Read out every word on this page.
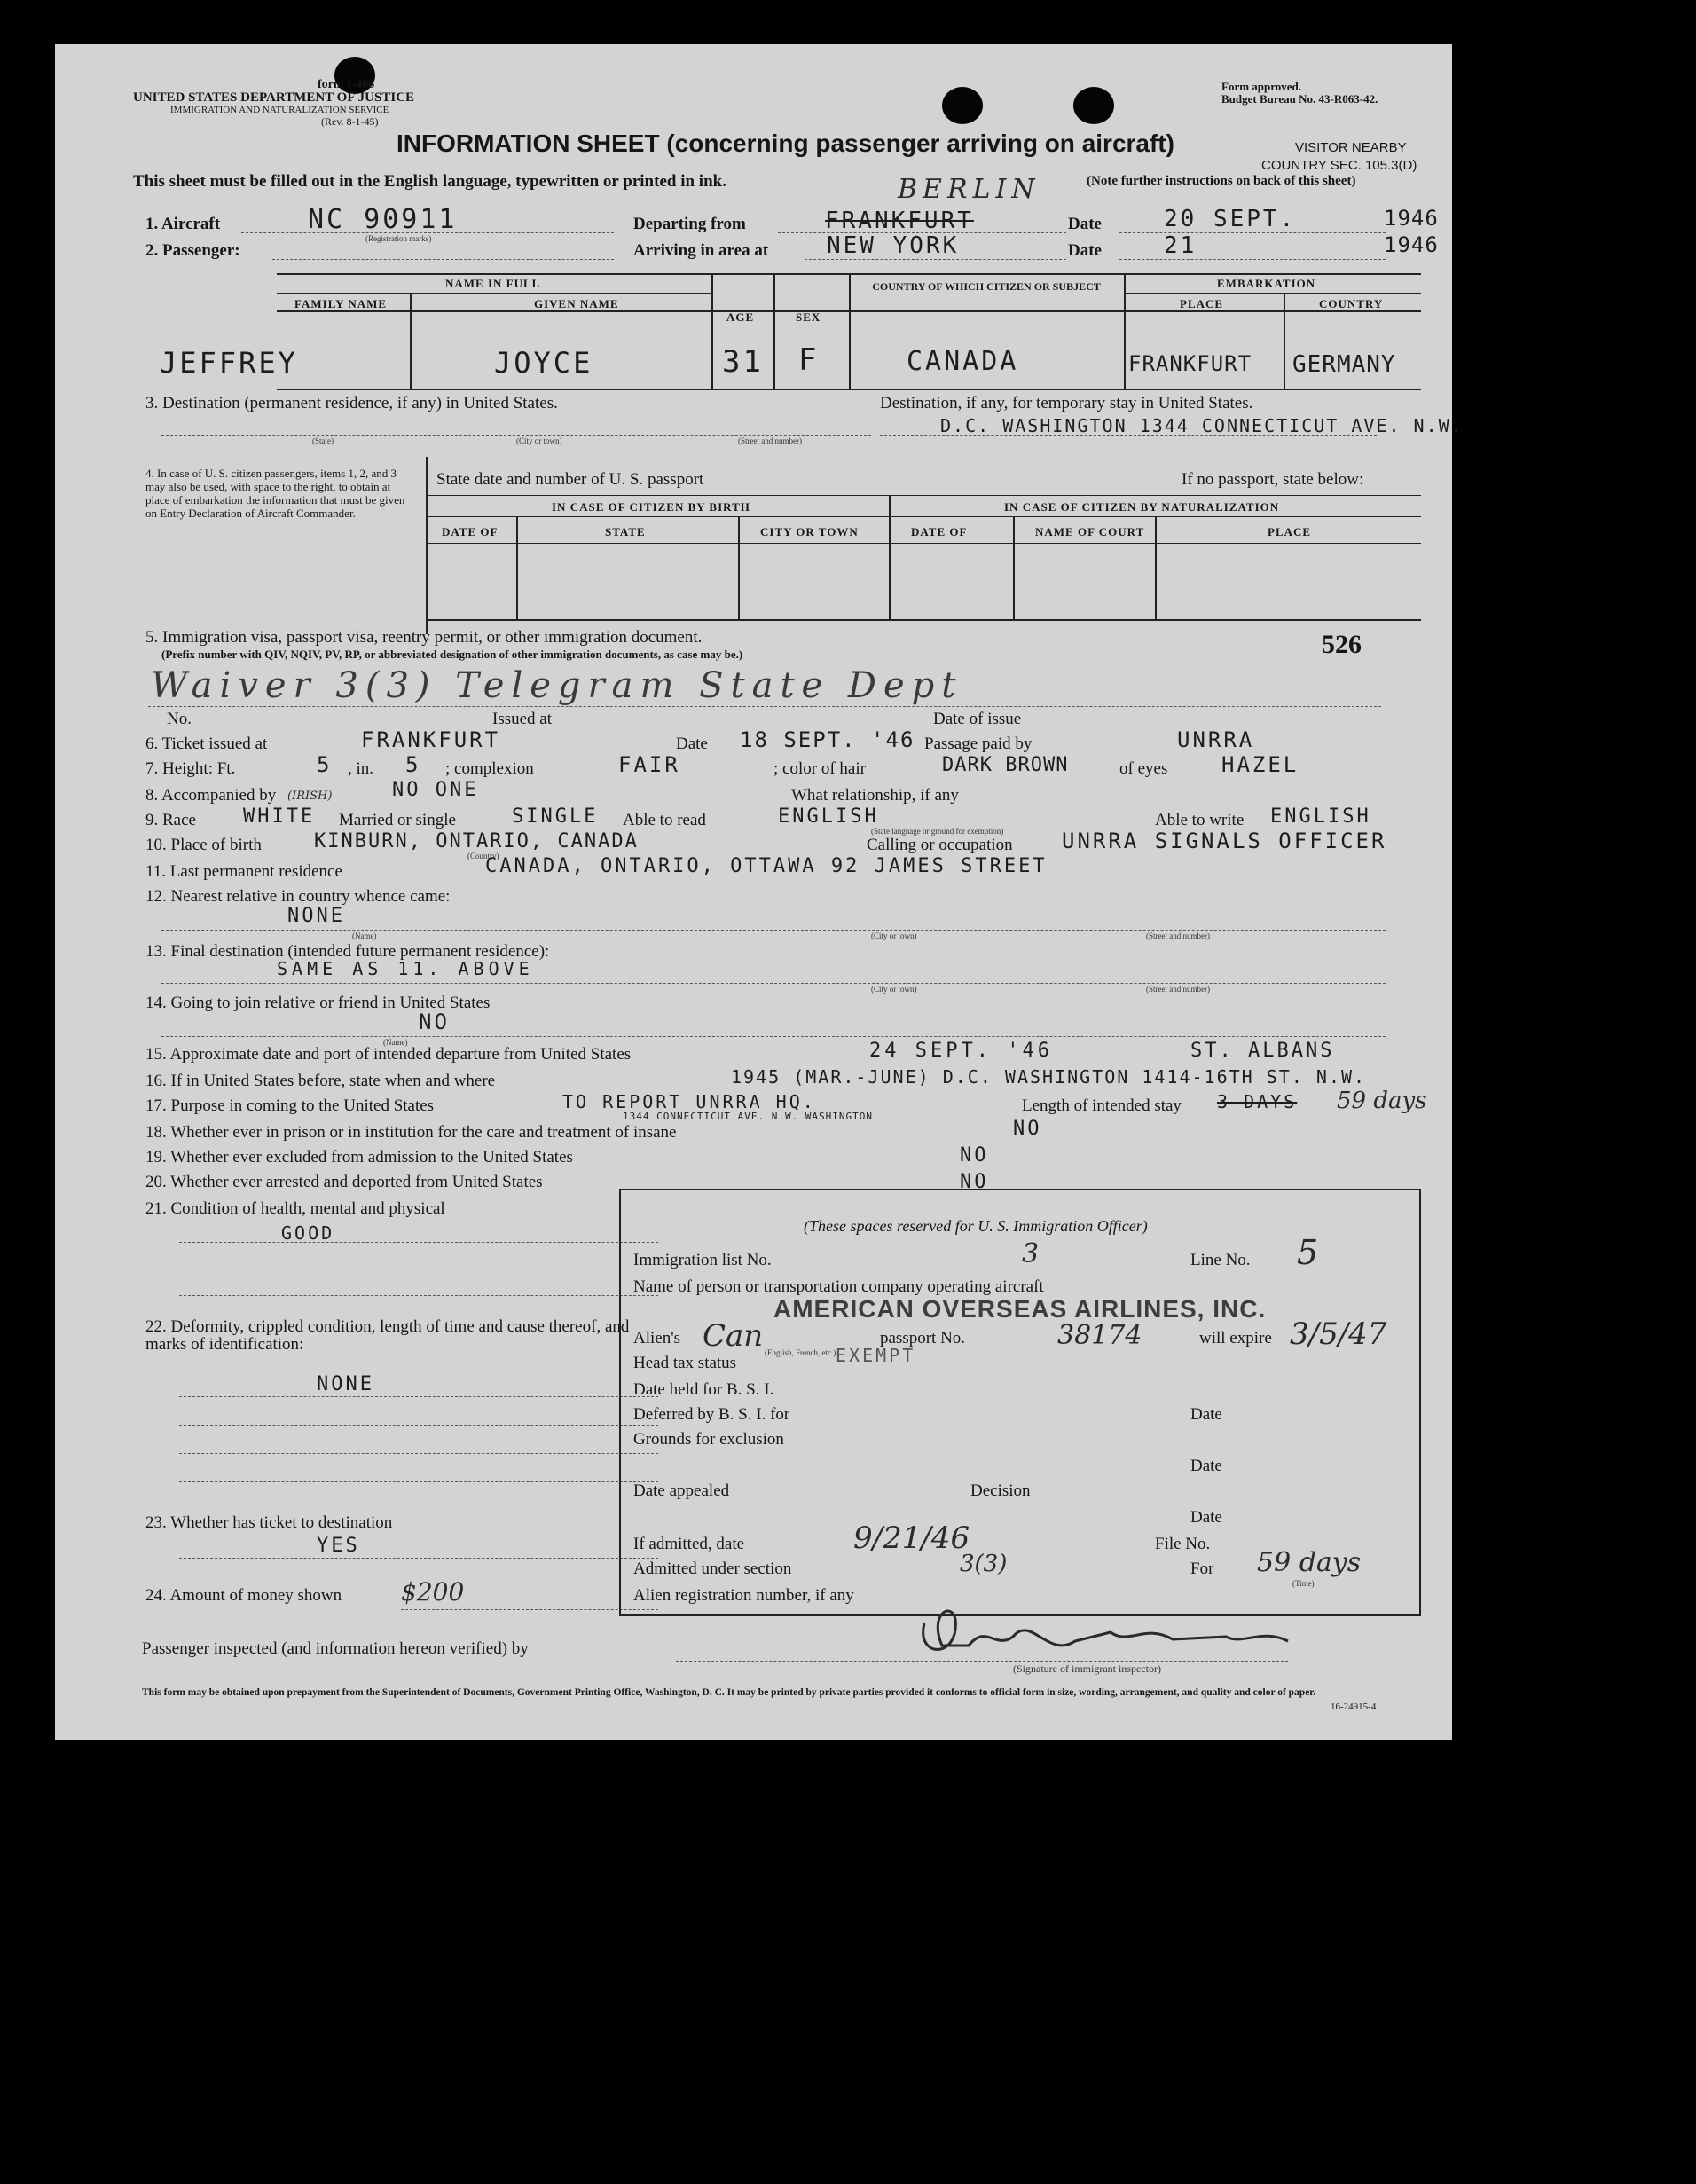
form I-466
UNITED STATES DEPARTMENT OF JUSTICE
IMMIGRATION AND NATURALIZATION SERVICE
(Rev. 8-1-45)
Form approved.
Budget Bureau No. 43-R063-42.
INFORMATION SHEET (concerning passenger arriving on aircraft)	VISITOR NEARBY
COUNTRY SEC. 105.3(D)
This sheet must be filled out in the English language, typewritten or printed in ink.	(Note further instructions on back of this sheet)
1. Aircraft	NC 90911
(Registration marks)
Departing from	FRANKFURT
BERLIN
Date	20 SEPT.	1946
2. Passenger:	Arriving in area at	NEW YORK	Date	21	1946
NAME IN FULL
FAMILY NAME	GIVEN NAME
AGE	SEX
COUNTRY OF WHICH CITIZEN OR SUBJECT	EMBARKATION
PLACE	COUNTRY
JEFFREY	JOYCE	31 F	CANADA	FRANKFURT GERMANY
3. Destination (permanent residence, if any) in United States.	Destination, if any, for temporary stay in United States.
(State)	(City or town)	(Street and number)
D.C. WASHINGTON 1344 CONNECTICUT AVE. N.W.
4. In case of U. S. citizen passengers, items 1, 2, and 3 may also be used, with space to the right, to obtain at place of embarkation the information that must be given on Entry Declaration of Aircraft Commander.
State date and number of U. S. passport	If no passport, state below:
IN CASE OF CITIZEN BY BIRTH	IN CASE OF CITIZEN BY NATURALIZATION
DATE OF	STATE	CITY OR TOWN	DATE OF	NAME OF COURT	PLACE
5. Immigration visa, passport visa, reentry permit, or other immigration document.
(Prefix number with QIV, NQIV, PV, RP, or abbreviated designation of other immigration documents, as case may be.)	526
Waiver 3(3) Telegram State Dept
No.	Issued at	Date of issue
6. Ticket issued at	FRANKFURT	Date 18 SEPT. '46 Passage paid by	UNRRA
7. Height: Ft.	5 , in. 5 ; complexion	FAIR	; color of hair	DARK BROWN	of eyes	HAZEL
8. Accompanied by	NO ONE	What relationship, if any
9. Race WHITE
(IRISH)
Married or single	SINGLE Able to read	ENGLISH
(State language or ground for exemption)
Able to write ENGLISH
10. Place of birth	KINBURN, ONTARIO, CANADA
(Country)
Calling or occupation UNRRA SIGNALS OFFICER
11. Last permanent residence	CANADA, ONTARIO, OTTAWA 92 JAMES STREET
12. Nearest relative in country whence came:
NONE
(Name)	(City or town)	(Street and number)
13. Final destination (intended future permanent residence):
SAME AS 11. ABOVE
(City or town)	(Street and number)
14. Going to join relative or friend in United States
NO
(Name)
15. Approximate date and port of intended departure from United States	24 SEPT. '46	ST. ALBANS
16. If in United States before, state when and where	1945 (MAR.-JUNE) D.C. WASHINGTON 1414-16TH ST. N.W.
17. Purpose in coming to the United States	TO REPORT UNRRA HQ.
1344 CONNECTICUT AVE. N.W. WASHINGTON
Length of intended stay 3 DAYS 59 days
18. Whether ever in prison or in institution for the care and treatment of insane	NO
19. Whether ever excluded from admission to the United States	NO
20. Whether ever arrested and deported from United States	NO
21. Condition of health, mental and physical
GOOD
22. Deformity, crippled condition, length of time and cause thereof, and marks of identification:
NONE
23. Whether has ticket to destination
YES
24. Amount of money shown $200
(These spaces reserved for U. S. Immigration Officer)
Immigration list No.	3	Line No. 5
Name of person or transportation company operating aircraft
AMERICAN OVERSEAS AIRLINES, INC.
Alien's Can (English, French, etc.)
passport No.	38174	will expire 3/5/47
Head tax status	EXEMPT
Date held for B. S. I.
Deferred by B. S. I. for	Date
Grounds for exclusion
Date
Date appealed	Decision
Date
If admitted, date	9/21/46	File No.
Admitted under section	3(3)	For 59 days
(Time)
Alien registration number, if any
Passenger inspected (and information hereon verified) by
(Signature of immigrant inspector)
This form may be obtained upon prepayment from the Superintendent of Documents, Government Printing Office, Washington, D. C. It may be printed by private parties provided it conforms to official form in size, wording, arrangement, and quality and color of paper.
16-24915-4
